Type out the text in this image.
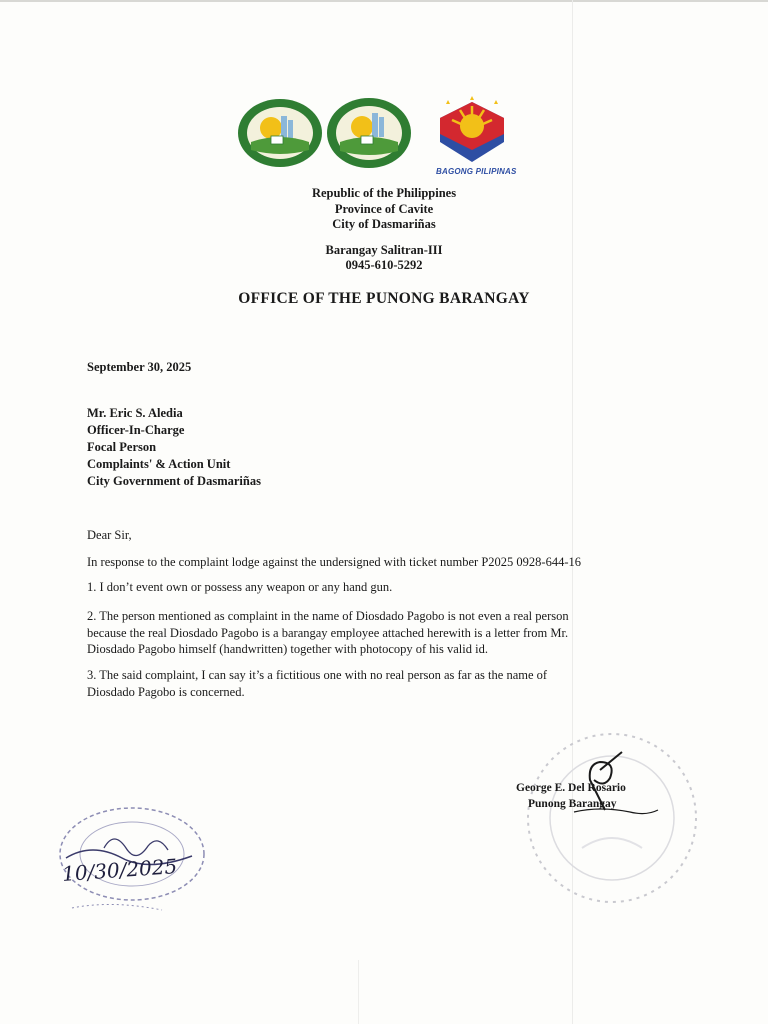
BAGONG PILIPINAS
Republic of the Philippines
Province of Cavite
City of Dasmariñas
Barangay Salitran-III
0945-610-5292
OFFICE OF THE PUNONG BARANGAY
September 30, 2025
Mr. Eric S. Aledia
Officer-In-Charge
Focal Person
Complaints' & Action Unit
City Government of Dasmariñas
Dear Sir,
In response to the complaint lodge against the undersigned with ticket number P2025 0928-644-16
1. I don’t event own or possess any weapon or any hand gun.
2. The person mentioned as complaint in the name of Diosdado Pagobo is not even a real person
because the real Diosdado Pagobo is a barangay employee attached herewith is a letter from Mr.
Diosdado Pagobo himself (handwritten) together with photocopy of his valid id.
3. The said complaint, I can say it’s a fictitious one with no real person as far as the name of
Diosdado Pagobo is concerned.
George E. Del Rosario
Punong Barangay
10/30/2025
